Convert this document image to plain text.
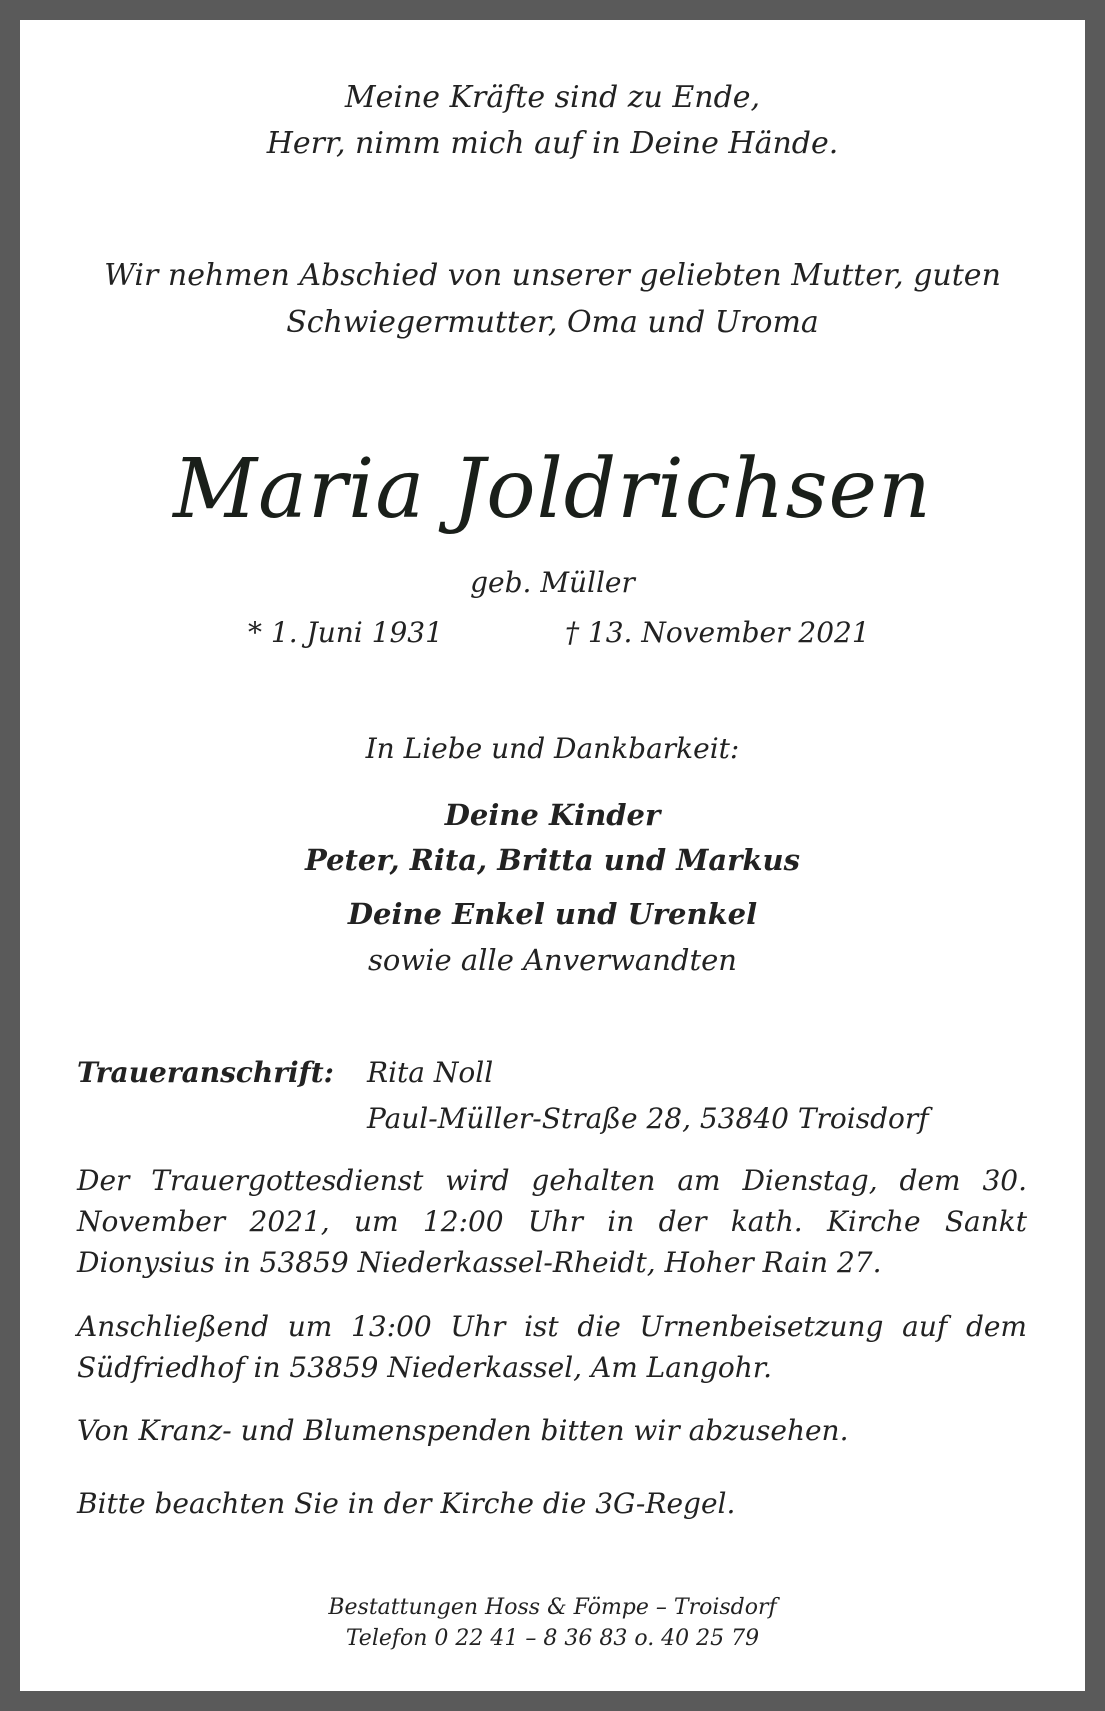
Meine Kräfte sind zu Ende,
Herr, nimm mich auf in Deine Hände.
Wir nehmen Abschied von unserer geliebten Mutter, guten
Schwiegermutter, Oma und Uroma
Maria Joldrichsen
geb. Müller
* 1. Juni 1931	† 13. November 2021
In Liebe und Dankbarkeit:
Deine Kinder
Peter, Rita, Britta und Markus
Deine Enkel und Urenkel
sowie alle Anverwandten
Traueranschrift: Rita Noll
Paul-Müller-Straße 28, 53840 Troisdorf
Der Trauergottesdienst wird gehalten am Dienstag, dem 30. November 2021, um 12:00 Uhr in der kath. Kirche Sankt Dionysius in 53859 Niederkassel-Rheidt, Hoher Rain 27.
Anschließend um 13:00 Uhr ist die Urnenbeisetzung auf dem Südfriedhof in 53859 Niederkassel, Am Langohr.
Von Kranz- und Blumenspenden bitten wir abzusehen.
Bitte beachten Sie in der Kirche die 3G-Regel.
Bestattungen Hoss & Fömpe – Troisdorf
Telefon 0 22 41 – 8 36 83 o. 40 25 79
